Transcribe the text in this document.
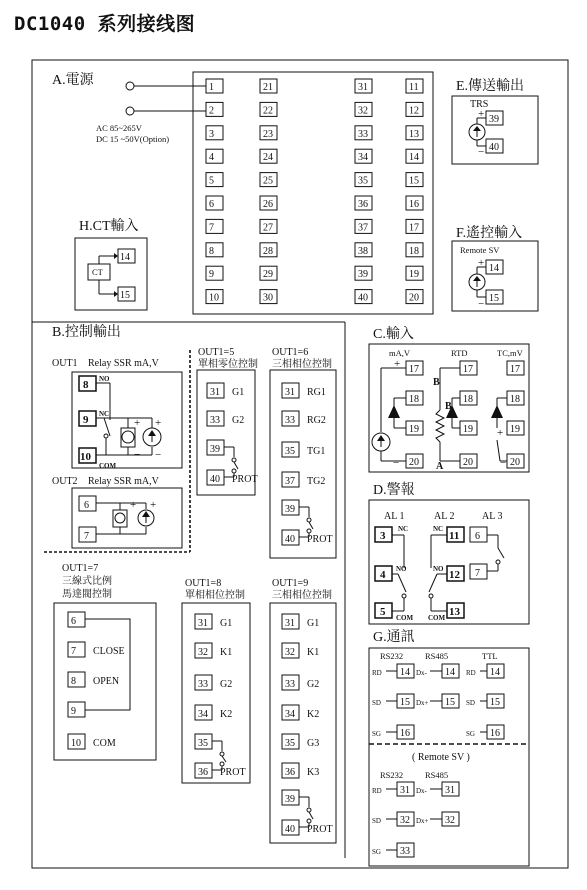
DC1040 系列接线图
A.電源
AC 85~265V
DC 15 ~50V(Option)
1
2
3
4
5
6
7
8
9
10
21
22
23
24
25
26
27
28
29
30
31
32
33
34
35
36
37
38
39
40
11
12
13
14
15
16
17
18
19
20
E.傳送輸出
TRS
39
40
+
−
H.CT輸入
CT
14
15
F.遙控輸入
Remote SV
14
15
+
−
B.控制輸出
OUT1 Relay SSR mA,V
8
9
10
NO
NC
COM
+ +
− −
OUT2 Relay SSR mA,V
6
7
+ +
31 G1
33 G2
39
40 PROT
31 RG1
33 RG2
35 TG1
37 TG2
39
40 PROT
31 G1
32 K1
33 G2
34 K2
35
36 PROT
31 G1
32 K1
33 G2
34 K2
35 G3
36 K3
39
40 PROT
6
7 CLOSE
8 OPEN
9
10 COM
OUT1=5
單相零位控制
OUT1=6
三相相位控制
OUT1=7
三線式比例
馬達閥控制
OUT1=8
單相相位控制
OUT1=9
三相相位控制
C.輸入
mA,V	RTD	TC,mV
17
18
19
20
17
18
19
20
17
18
19
20
+
−
+
−
B
B
A
D.警報
AL 1	AL 2	AL 3
3
4
5
11
12
13
6
7
NC
NO
COM
NC
NO
COM
G.通訊
RS232	RS485	TTL
RD 14
SD 15
SG 16
Dx- 14
Dx+ 15
RD 14
SD 15
SG 16
RD 31
SD 32
SG 33
Dx- 31
Dx+ 32
( Remote SV )
RS232	RS485
